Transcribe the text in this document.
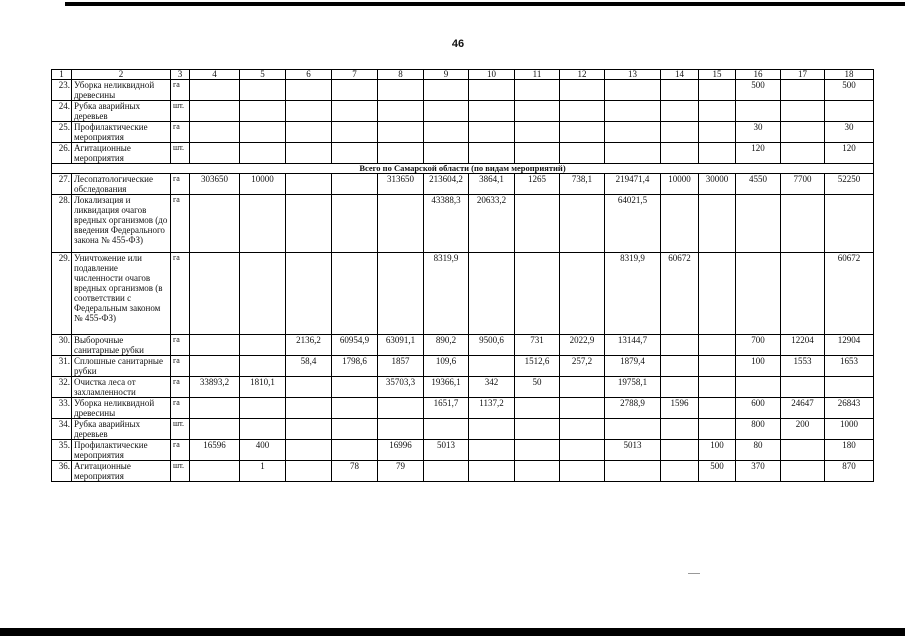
46
1	2	3	4	5	6	7	8	9	10	11	12	13	14	15	16	17	18
23.	Уборка неликвидной древесины	га													500		500
24.	Рубка аварийных деревьев	шт.															
25.	Профилактические мероприятия	га													30		30
26.	Агитационные мероприятия	шт.													120		120
Всего по Самарской области (по видам мероприятий)																	
27.	Лесопатологические обследования	га	303650	10000			313650	213604,2	3864,1	1265	738,1	219471,4	10000	30000	4550	7700	52250
28.	Локализация и ликвидация очагов вредных организмов (до введения Федерального закона № 455-ФЗ)	га						43388,3	20633,2			64021,5					
29.	Уничтожение или подавление численности очагов вредных организмов (в соответствии с Федеральным законом № 455-ФЗ)	га						8319,9				8319,9	60672				60672
30.	Выборочные санитарные рубки	га			2136,2	60954,9	63091,1	890,2	9500,6	731	2022,9	13144,7			700	12204	12904
31.	Сплошные санитарные рубки	га			58,4	1798,6	1857	109,6		1512,6	257,2	1879,4			100	1553	1653
32.	Очистка леса от захламленности	га	33893,2	1810,1			35703,3	19366,1	342	50		19758,1					
33.	Уборка неликвидной древесины	га						1651,7	1137,2			2788,9	1596		600	24647	26843
34.	Рубка аварийных деревьев	шт.													800	200	1000
35.	Профилактические мероприятия	га	16596	400			16996	5013				5013		100	80		180
36.	Агитационные мероприятия	шт.		1		78	79							500	370		870
